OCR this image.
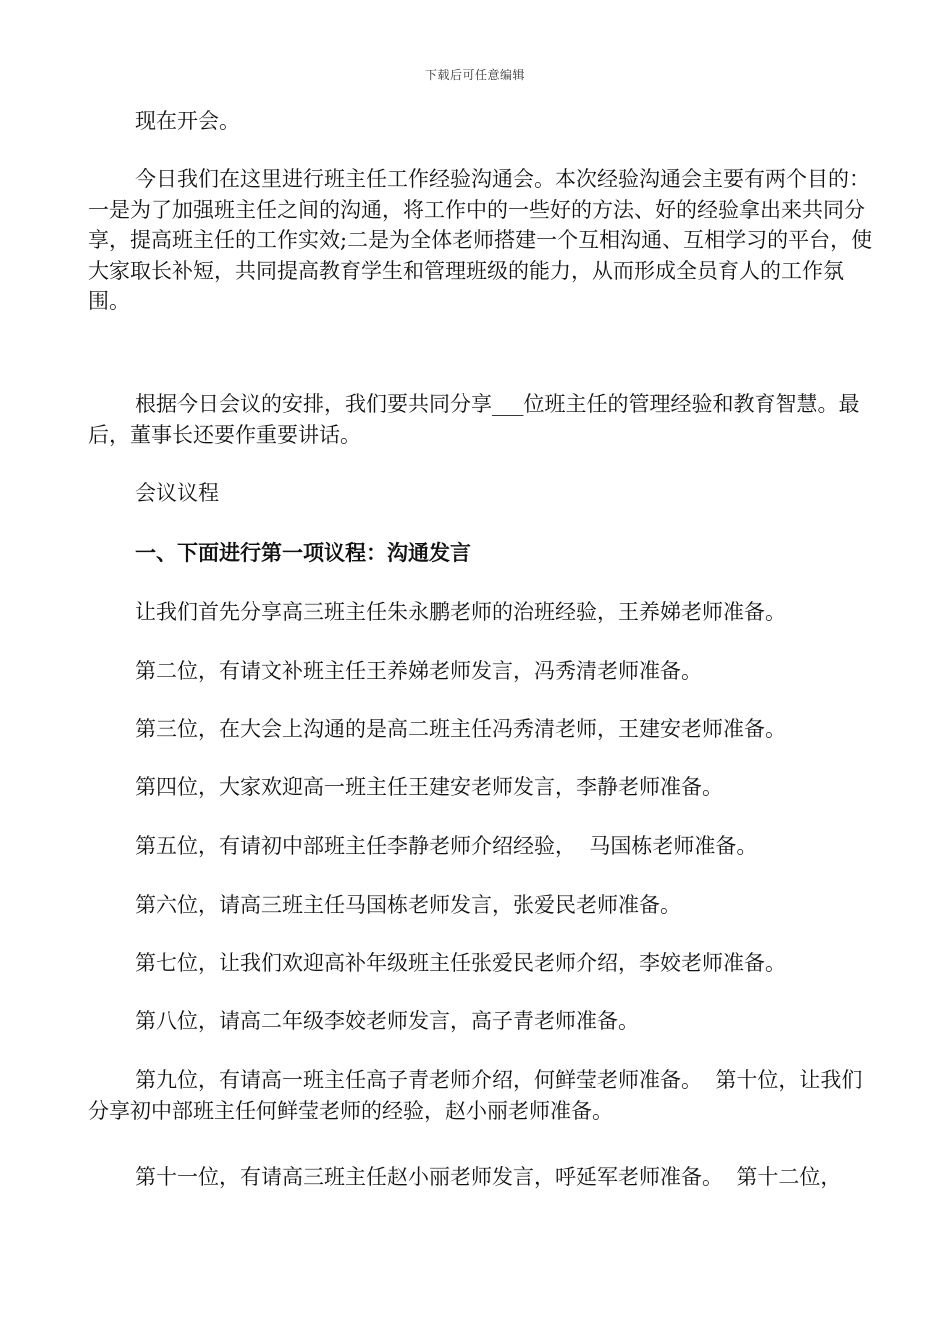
下载后可任意编辑

现在开会。

今日我们在这里进行班主任工作经验沟通会。本次经验沟通会主要有两个目的：一是为了加强班主任之间的沟通，将工作中的一些好的方法、好的经验拿出来共同分享，提高班主任的工作实效;二是为全体老师搭建一个互相沟通、互相学习的平台，使大家取长补短，共同提高教育学生和管理班级的能力，从而形成全员育人的工作氛围。

根据今日会议的安排，我们要共同分享___位班主任的管理经验和教育智慧。最后，董事长还要作重要讲话。

会议议程

一、下面进行第一项议程：沟通发言

让我们首先分享高三班主任朱永鹏老师的治班经验，王养娣老师准备。

第二位，有请文补班主任王养娣老师发言，冯秀清老师准备。

第三位，在大会上沟通的是高二班主任冯秀清老师，王建安老师准备。

第四位，大家欢迎高一班主任王建安老师发言，李静老师准备。

第五位，有请初中部班主任李静老师介绍经验，  马国栋老师准备。

第六位，请高三班主任马国栋老师发言，张爱民老师准备。

第七位，让我们欢迎高补年级班主任张爱民老师介绍，李姣老师准备。

第八位，请高二年级李姣老师发言，高子青老师准备。

第九位，有请高一班主任高子青老师介绍，何鲜莹老师准备。  第十位，让我们分享初中部班主任何鲜莹老师的经验，赵小丽老师准备。

第十一位，有请高三班主任赵小丽老师发言，呼延军老师准备。  第十二位，
